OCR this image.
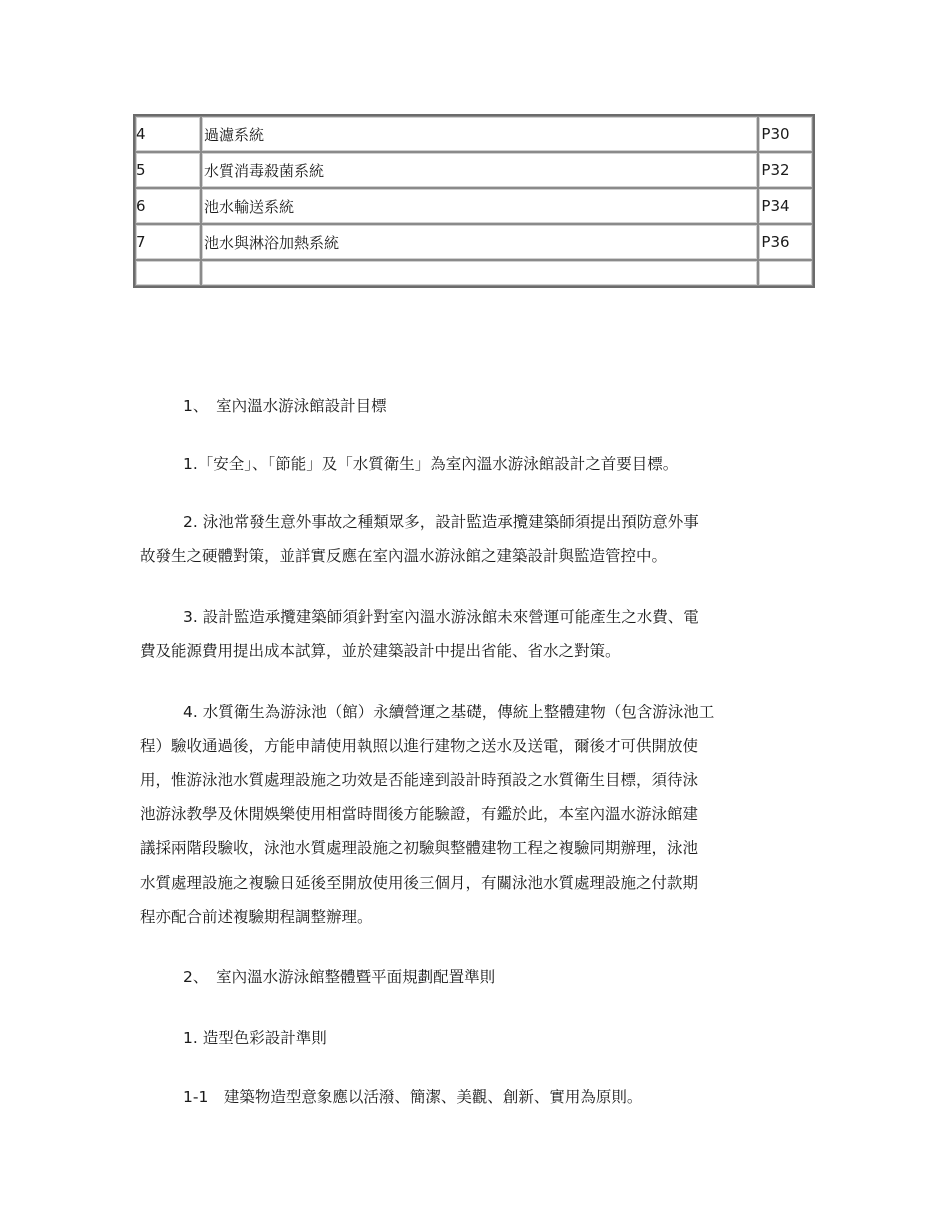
4	過濾系統	P30
5	水質消毒殺菌系統	P32
6	池水輸送系統	P34
7	池水與淋浴加熱系統	P36

1、　室內溫水游泳館設計目標
1.「安全」、「節能」及「水質衛生」為室內溫水游泳館設計之首要目標。
2. 泳池常發生意外事故之種類眾多，設計監造承攬建築師須提出預防意外事
故發生之硬體對策，並詳實反應在室內溫水游泳館之建築設計與監造管控中。
3. 設計監造承攬建築師須針對室內溫水游泳館未來營運可能產生之水費、電
費及能源費用提出成本試算，並於建築設計中提出省能、省水之對策。
4. 水質衛生為游泳池（館）永續營運之基礎，傳統上整體建物（包含游泳池工
程）驗收通過後，方能申請使用執照以進行建物之送水及送電，爾後才可供開放使
用，惟游泳池水質處理設施之功效是否能達到設計時預設之水質衛生目標，須待泳
池游泳教學及休閒娛樂使用相當時間後方能驗證，有鑑於此，本室內溫水游泳館建
議採兩階段驗收，泳池水質處理設施之初驗與整體建物工程之複驗同期辦理，泳池
水質處理設施之複驗日延後至開放使用後三個月，有關泳池水質處理設施之付款期
程亦配合前述複驗期程調整辦理。
2、　室內溫水游泳館整體暨平面規劃配置準則
1. 造型色彩設計準則
1-1　建築物造型意象應以活潑、簡潔、美觀、創新、實用為原則。
